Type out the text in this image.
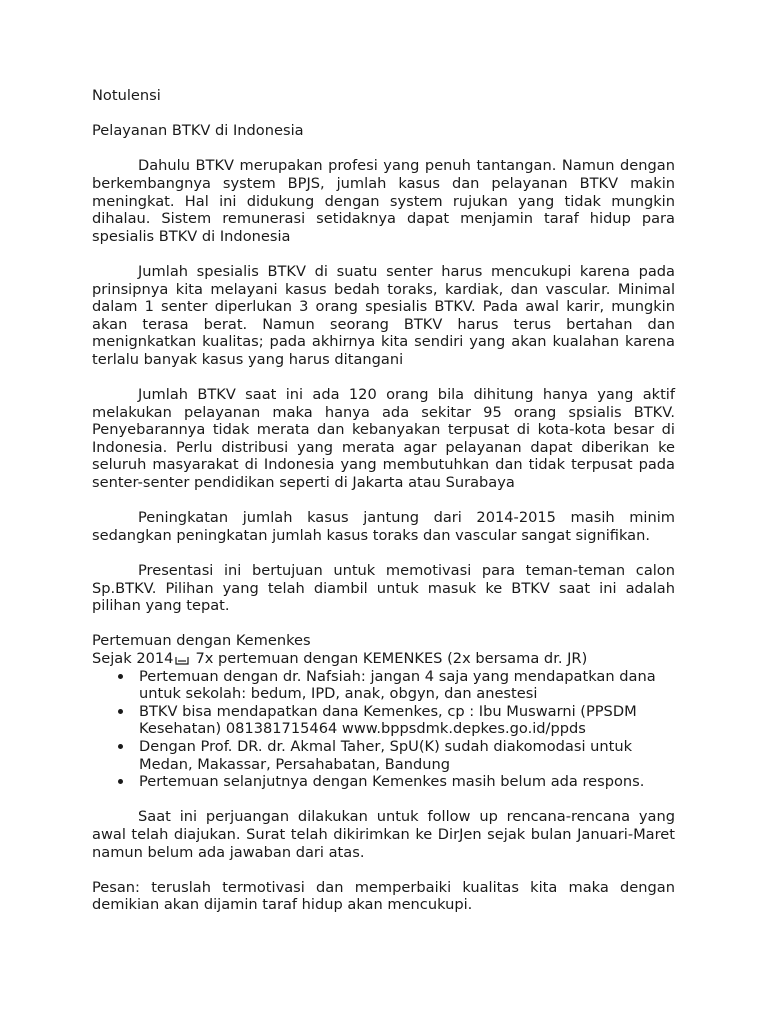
Notulensi

Pelayanan BTKV di Indonesia

Dahulu BTKV merupakan profesi yang penuh tantangan. Namun dengan berkembangnya system BPJS, jumlah kasus dan pelayanan BTKV makin meningkat. Hal ini didukung dengan system rujukan yang tidak mungkin dihalau. Sistem remunerasi setidaknya dapat menjamin taraf hidup para spesialis BTKV di Indonesia

Jumlah spesialis BTKV di suatu senter harus mencukupi karena pada prinsipnya kita melayani kasus bedah toraks, kardiak, dan vascular. Minimal dalam 1 senter diperlukan 3 orang spesialis BTKV. Pada awal karir, mungkin akan terasa berat. Namun seorang BTKV harus terus bertahan dan menignkatkan kualitas; pada akhirnya kita sendiri yang akan kualahan karena terlalu banyak kasus yang harus ditangani

Jumlah BTKV saat ini ada 120 orang bila dihitung hanya yang aktif melakukan pelayanan maka hanya ada sekitar 95 orang spsialis BTKV. Penyebarannya tidak merata dan kebanyakan terpusat di kota-kota besar di Indonesia. Perlu distribusi yang merata agar pelayanan dapat diberikan ke seluruh masyarakat di Indonesia yang membutuhkan dan tidak terpusat pada senter-senter pendidikan seperti di Jakarta atau Surabaya

Peningkatan jumlah kasus jantung dari 2014-2015 masih minim sedangkan peningkatan jumlah kasus toraks dan vascular sangat signifikan.

Presentasi ini bertujuan untuk memotivasi para teman-teman calon Sp.BTKV. Pilihan yang telah diambil untuk masuk ke BTKV saat ini adalah pilihan yang tepat.

Pertemuan dengan Kemenkes

Sejak 2014 7x pertemuan dengan KEMENKES (2x bersama dr. JR)

Pertemuan dengan dr. Nafsiah: jangan 4 saja yang mendapatkan dana untuk sekolah: bedum, IPD, anak, obgyn, dan anestesi
BTKV bisa mendapatkan dana Kemenkes, cp : Ibu Muswarni (PPSDM Kesehatan) 081381715464 www.bppsdmk.depkes.go.id/ppds
Dengan Prof. DR. dr. Akmal Taher, SpU(K) sudah diakomodasi untuk Medan, Makassar, Persahabatan, Bandung
Pertemuan selanjutnya dengan Kemenkes masih belum ada respons.

Saat ini perjuangan dilakukan untuk follow up rencana-rencana yang awal telah diajukan. Surat telah dikirimkan ke DirJen sejak bulan Januari-Maret namun belum ada jawaban dari atas.

Pesan: teruslah termotivasi dan memperbaiki kualitas kita maka dengan demikian akan dijamin taraf hidup akan mencukupi.
